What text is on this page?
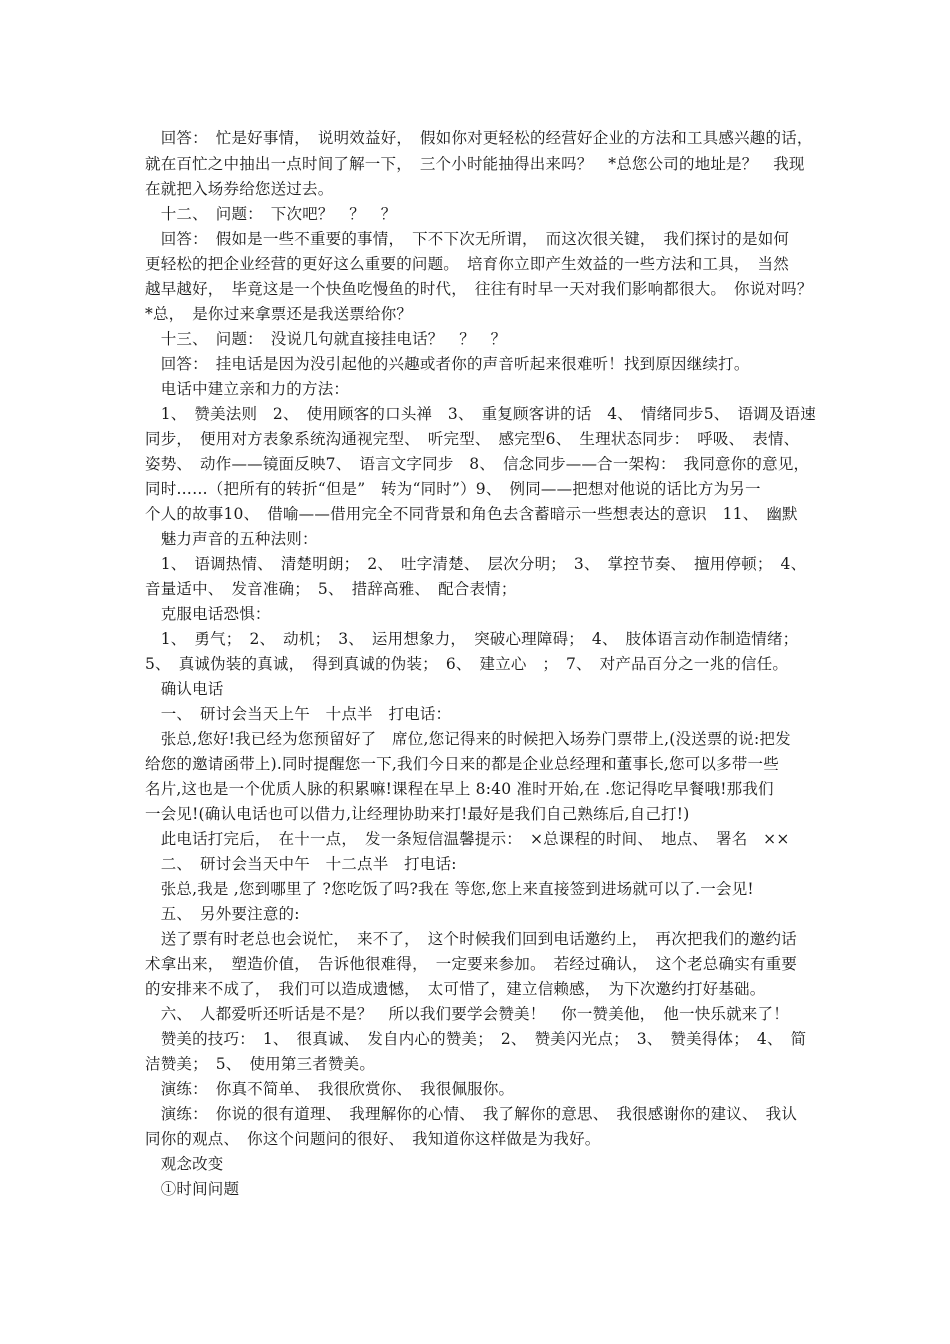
　回答：　忙是好事情，　说明效益好，　假如你对更轻松的经营好企业的方法和工具感兴趣的话，
就在百忙之中抽出一点时间了解一下，　三个小时能抽得出来吗？　*总您公司的地址是？　我现
在就把入场券给您送过去。
　十二、　问题：　下次吧？　？　？
　回答：　假如是一些不重要的事情，　下不下次无所谓，　而这次很关键，　我们探讨的是如何
更轻松的把企业经营的更好这么重要的问题。　培育你立即产生效益的一些方法和工具，　当然
越早越好，　毕竟这是一个快鱼吃慢鱼的时代，　往往有时早一天对我们影响都很大。　你说对吗？
*总，　是你过来拿票还是我送票给你？
　十三、　问题：　没说几句就直接挂电话？　？　？
　回答：　挂电话是因为没引起他的兴趣或者你的声音听起来很难听！找到原因继续打。
　电话中建立亲和力的方法：
　1、　赞美法则　2、　使用顾客的口头禅　3、　重复顾客讲的话　4、　情绪同步5、　语调及语速
同步，　便用对方表象系统沟通视完型、　听完型、　感完型6、　生理状态同步：　呼吸、　表情、
姿势、　动作——镜面反映7、　语言文字同步　8、　信念同步——合一架构：　我同意你的意见，
同时……（把所有的转折“但是”　转为“同时”）9、　例同——把想对他说的话比方为另一
个人的故事10、　借喻——借用完全不同背景和角色去含蓄暗示一些想表达的意识　11、　幽默
　魅力声音的五种法则：
　1、　语调热情、　清楚明朗；　2、　吐字清楚、　层次分明；　3、　掌控节奏、　擅用停顿；　4、
音量适中、　发音准确；　5、　措辞高雅、　配合表情；
　克服电话恐惧：
　1、　勇气；　2、　动机；　3、　运用想象力，　突破心理障碍；　4、　肢体语言动作制造情绪；
5、　真诚伪装的真诚，　得到真诚的伪装；　6、　建立心　；　7、　对产品百分之一兆的信任。
　确认电话
　一、　研讨会当天上午　十点半　打电话：
　张总,您好!我已经为您预留好了　席位,您记得来的时候把入场券门票带上,(没送票的说:把发
给您的邀请函带上).同时提醒您一下,我们今日来的都是企业总经理和董事长,您可以多带一些
名片,这也是一个优质人脉的积累嘛!课程在早上 8:40 准时开始,在 .您记得吃早餐哦!那我们
一会见!(确认电话也可以借力,让经理协助来打!最好是我们自己熟练后,自己打!)
　此电话打完后，　在十一点，　发一条短信温馨提示：　×总课程的时间、　地点、　署名　××
　二、　研讨会当天中午　十二点半　打电话:
　张总,我是 ,您到哪里了 ?您吃饭了吗?我在 等您,您上来直接签到进场就可以了.一会见!
　五、　另外要注意的:
　送了票有时老总也会说忙，　来不了，　这个时候我们回到电话邀约上，　再次把我们的邀约话
术拿出来，　塑造价值，　告诉他很难得，　一定要来参加。　若经过确认，　这个老总确实有重要
的安排来不成了，　我们可以造成遗憾，　太可惜了，建立信赖感，　为下次邀约打好基础。
　六、　人都爱听还听话是不是？　所以我们要学会赞美！　你一赞美他，　他一快乐就来了！
　赞美的技巧：　1、　很真诚、　发自内心的赞美；　2、　赞美闪光点；　3、　赞美得体；　4、　简
洁赞美；　5、　使用第三者赞美。
　演练：　你真不简单、　我很欣赏你、　我很佩服你。
　演练：　你说的很有道理、　我理解你的心情、　我了解你的意思、　我很感谢你的建议、　我认
同你的观点、　你这个问题问的很好、　我知道你这样做是为我好。
　观念改变
　①时间问题
